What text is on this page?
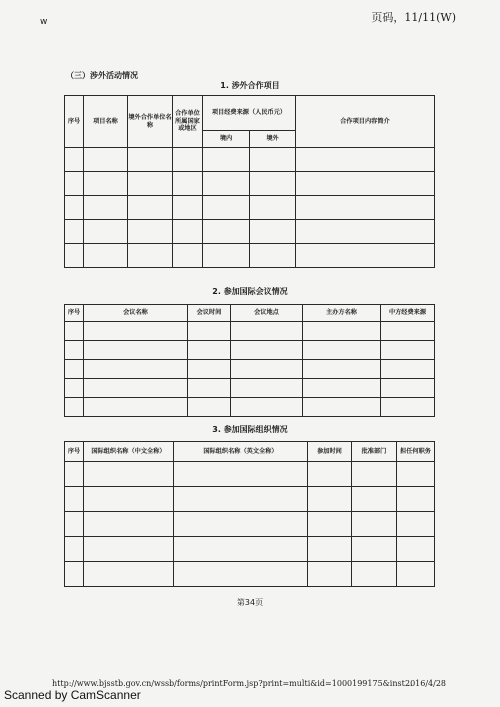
w	页码，11/11(W)
（三）涉外活动情况
1. 涉外合作项目
序号	项目名称	境外合作单位名称	合作单位所属国家或地区	项目经费来源（人民币元）		合作项目内容简介
				境内	境外	

2. 参加国际会议情况
序号	会议名称	会议时间	会议地点	主办方名称	中方经费来源

3. 参加国际组织情况
序号	国际组织名称（中文全称）	国际组织名称（英文全称）	参加时间	批准部门	担任何职务

第34页
http://www.bjsstb.gov.cn/wssb/forms/printForm.jsp?print=multi&id=1000199175&inst...
2016/4/28
Scanned by CamScanner
